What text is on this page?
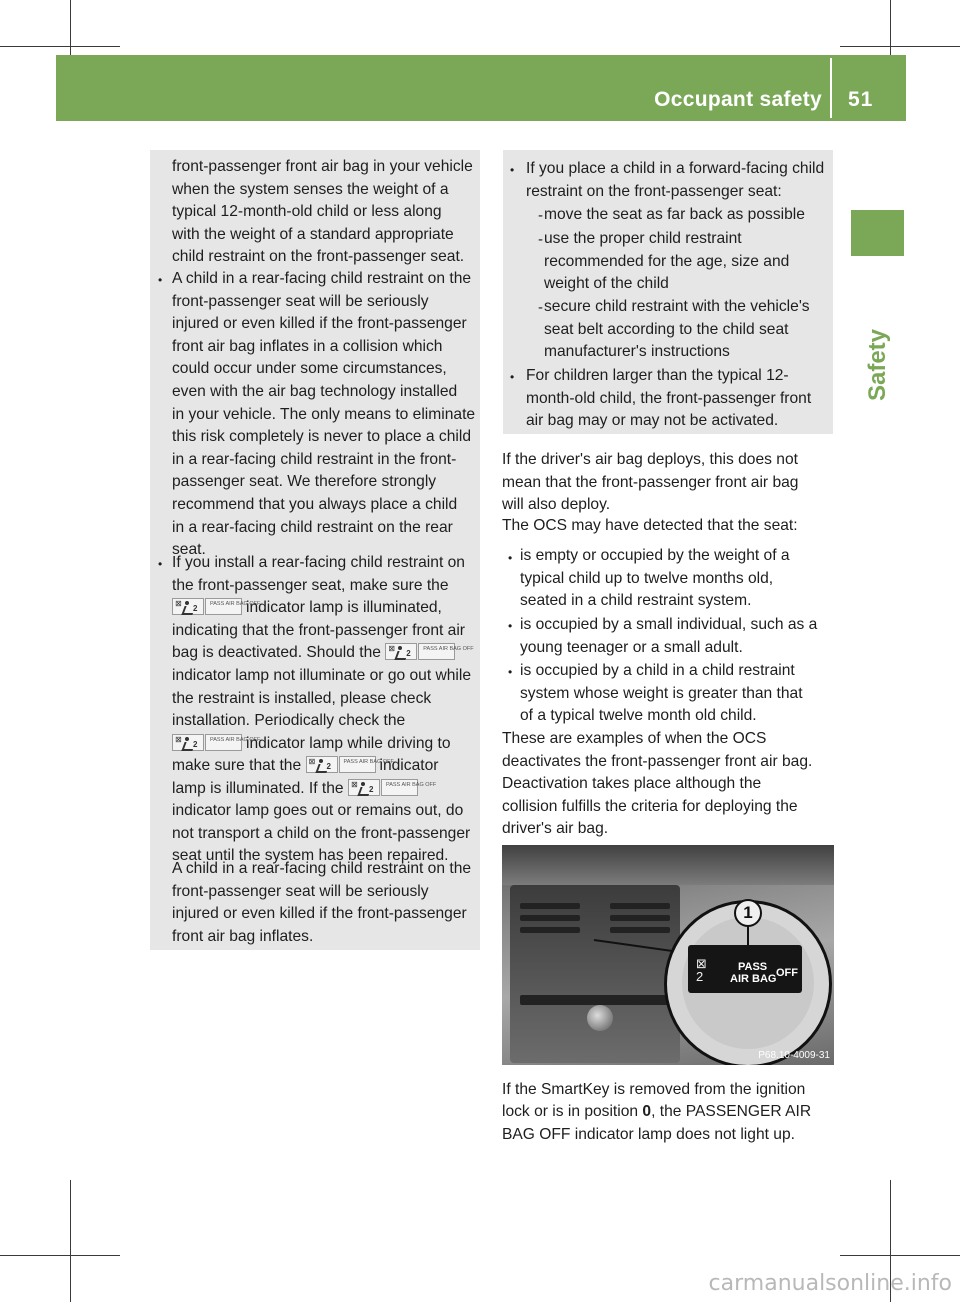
Occupant safety 51
Safety
front-passenger front air bag in your vehicle
when the system senses the weight of a
typical 12-month-old child or less along
with the weight of a standard appropriate
child restraint on the front-passenger seat.
• A child in a rear-facing child restraint on the
front-passenger seat will be seriously
injured or even killed if the front-passenger
front air bag inflates in a collision which
could occur under some circumstances,
even with the air bag technology installed
in your vehicle. The only means to eliminate
this risk completely is never to place a child
in a rear-facing child restraint in the front-
passenger seat. We therefore strongly
recommend that you always place a child
in a rear-facing child restraint on the rear
seat.
• If you install a rear-facing child restraint on
the front-passenger seat, make sure the
⊠
2	PASS AIR BAG OFF
indicator lamp is illuminated,
indicating that the front-passenger front air
bag is deactivated. Should the ⊠
2	PASS AIR BAG OFF
indicator lamp not illuminate or go out while
the restraint is installed, please check
installation. Periodically check the
⊠
2	PASS AIR BAG OFF
indicator lamp while driving to
make sure that the ⊠
2	PASS AIR BAG OFF
indicator
lamp is illuminated. If the ⊠
2	PASS AIR BAG OFF
indicator lamp goes out or remains out, do
not transport a child on the front-passenger
seat until the system has been repaired.
A child in a rear-facing child restraint on the
front-passenger seat will be seriously
injured or even killed if the front-passenger
front air bag inflates.
• If you place a child in a forward-facing child
restraint on the front-passenger seat:
- move the seat as far back as possible
- use the proper child restraint
recommended for the age, size and
weight of the child
- secure child restraint with the vehicle's
seat belt according to the child seat
manufacturer's instructions
• For children larger than the typical 12-
month-old child, the front-passenger front
air bag may or may not be activated.
If the driver's air bag deploys, this does not
mean that the front-passenger front air bag
will also deploy.
The OCS may have detected that the seat:
• is empty or occupied by the weight of a
typical child up to twelve months old,
seated in a child restraint system.
• is occupied by a small individual, such as a
young teenager or a small adult.
• is occupied by a child in a child restraint
system whose weight is greater than that
of a typical twelve month old child.
These are examples of when the OCS
deactivates the front-passenger front air bag.
Deactivation takes place although the
collision fulfills the criteria for deploying the
driver's air bag.
1
⊠
2
PASS
AIR BAG OFF
P68.10-4009-31
If the SmartKey is removed from the ignition
lock or is in position 0, the PASSENGER AIR
BAG OFF indicator lamp does not light up.
carmanualsonline.info
